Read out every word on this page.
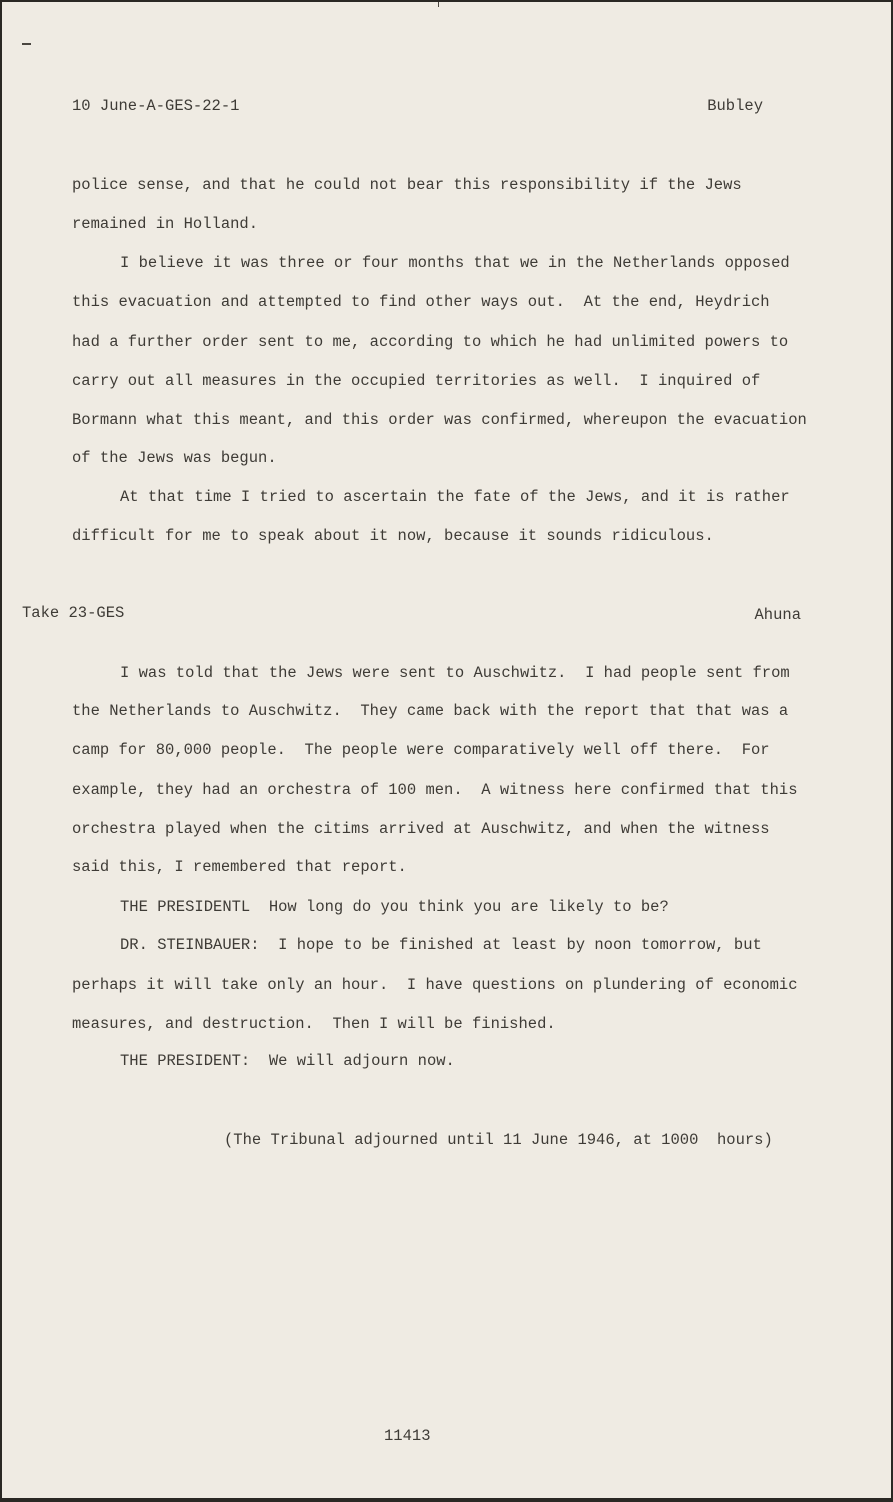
10 June-A-GES-22-1	Bubley
police sense, and that he could not bear this responsibility if the Jews
remained in Holland.
I believe it was three or four months that we in the Netherlands opposed
this evacuation and attempted to find other ways out.  At the end, Heydrich
had a further order sent to me, according to which he had unlimited powers to
carry out all measures in the occupied territories as well.  I inquired of
Bormann what this meant, and this order was confirmed, whereupon the evacuation
of the Jews was begun.
At that time I tried to ascertain the fate of the Jews, and it is rather
difficult for me to speak about it now, because it sounds ridiculous.
Take 23-GES	Ahuna
I was told that the Jews were sent to Auschwitz.  I had people sent from
the Netherlands to Auschwitz.  They came back with the report that that was a
camp for 80,000 people.  The people were comparatively well off there.  For
example, they had an orchestra of 100 men.  A witness here confirmed that this
orchestra played when the citims arrived at Auschwitz, and when the witness
said this, I remembered that report.
THE PRESIDENTL  How long do you think you are likely to be?
DR. STEINBAUER:  I hope to be finished at least by noon tomorrow, but
perhaps it will take only an hour.  I have questions on plundering of economic
measures, and destruction.  Then I will be finished.
THE PRESIDENT:  We will adjourn now.
(The Tribunal adjourned until 11 June 1946, at 1000  hours)
11413
